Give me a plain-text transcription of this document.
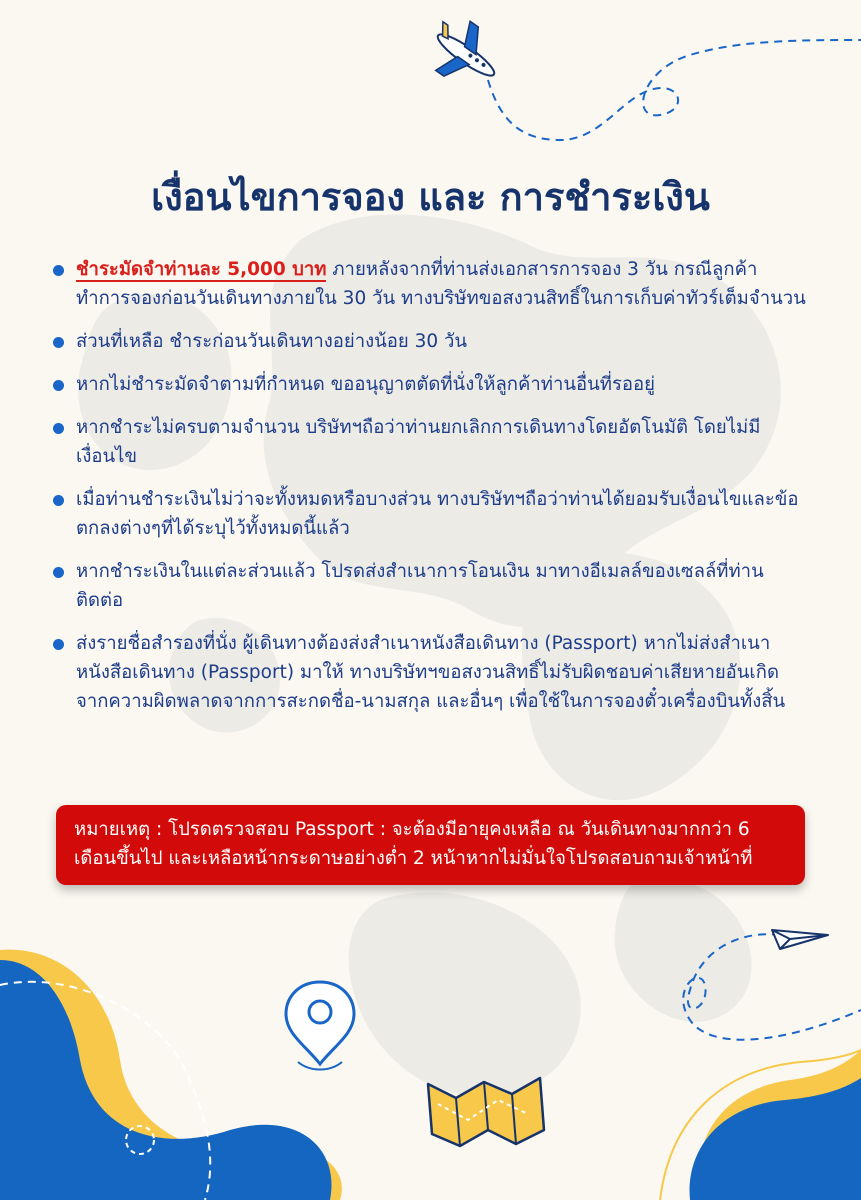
เงื่อนไขการจอง และ การชำระเงิน
ชำระมัดจำท่านละ 5,000 บาท ภายหลังจากที่ท่านส่งเอกสารการจอง 3 วัน กรณีลูกค้าทำการจองก่อนวันเดินทางภายใน 30 วัน ทางบริษัทขอสงวนสิทธิ์ในการเก็บค่าทัวร์เต็มจำนวน
ส่วนที่เหลือ ชำระก่อนวันเดินทางอย่างน้อย 30 วัน
หากไม่ชำระมัดจำตามที่กำหนด ขออนุญาตตัดที่นั่งให้ลูกค้าท่านอื่นที่รออยู่
หากชำระไม่ครบตามจำนวน บริษัทฯถือว่าท่านยกเลิกการเดินทางโดยอัตโนมัติ โดยไม่มีเงื่อนไข
เมื่อท่านชำระเงินไม่ว่าจะทั้งหมดหรือบางส่วน ทางบริษัทฯถือว่าท่านได้ยอมรับเงื่อนไขและข้อตกลงต่างๆที่ได้ระบุไว้ทั้งหมดนี้แล้ว
หากชำระเงินในแต่ละส่วนแล้ว โปรดส่งสำเนาการโอนเงิน มาทางอีเมลล์ของเซลล์ที่ท่านติดต่อ
ส่งรายชื่อสำรองที่นั่ง ผู้เดินทางต้องส่งสำเนาหนังสือเดินทาง (Passport) หากไม่ส่งสำเนาหนังสือเดินทาง (Passport) มาให้ ทางบริษัทฯขอสงวนสิทธิ์ไม่รับผิดชอบค่าเสียหายอันเกิดจากความผิดพลาดจากการสะกดชื่อ-นามสกุล และอื่นๆ เพื่อใช้ในการจองตั๋วเครื่องบินทั้งสิ้น
หมายเหตุ : โปรดตรวจสอบ Passport : จะต้องมีอายุคงเหลือ ณ วันเดินทางมากกว่า 6 เดือนขึ้นไป และเหลือหน้ากระดาษอย่างต่ำ 2 หน้าหากไม่มั่นใจโปรดสอบถามเจ้าหน้าที่
